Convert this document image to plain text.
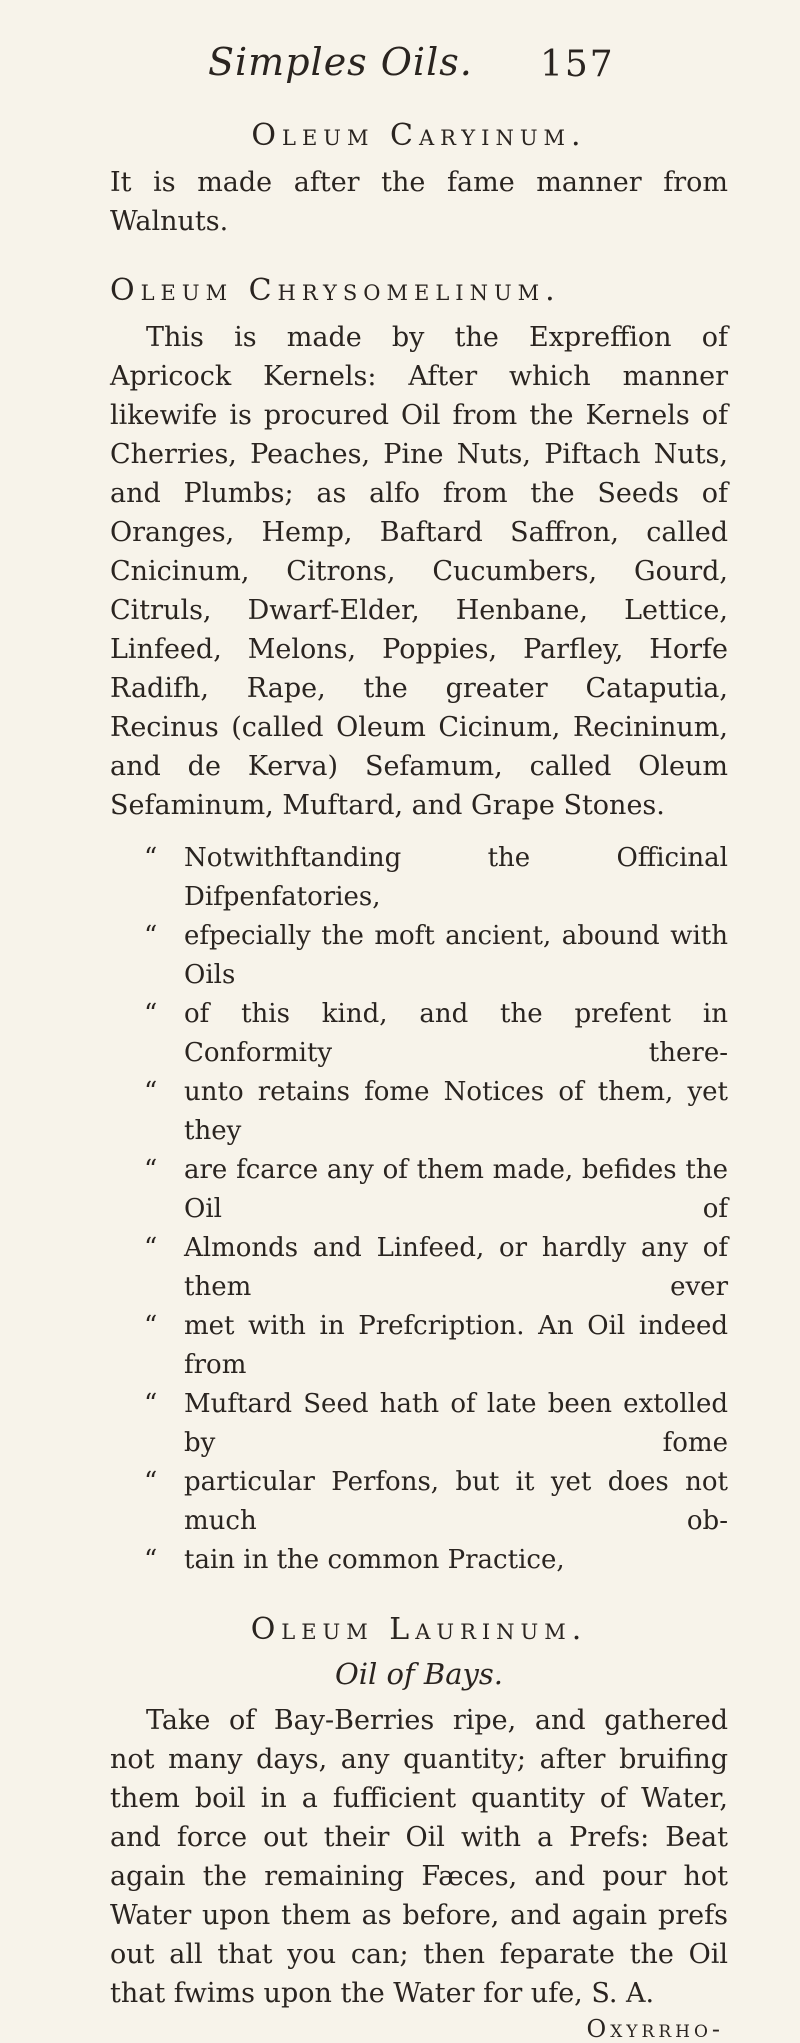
Simples Oils. 157
Oleum Caryinum.

It is made after the fame manner from Walnuts.

Oleum Chrysomelinum.

This is made by the Expreffion of Apricock Kernels: After which manner likewife is procured Oil from the Kernels of Cherries, Peaches, Pine Nuts, Piftach Nuts, and Plumbs; as alfo from the Seeds of Oranges, Hemp, Baftard Saffron, called Cnicinum, Citrons, Cucumbers, Gourd, Citruls, Dwarf-Elder, Henbane, Lettice, Linfeed, Melons, Poppies, Parfley, Horfe Radifh, Rape, the greater Cataputia, Recinus (called Oleum Cicinum, Recininum, and de Kerva) Sefamum, called Oleum Sefaminum, Muftard, and Grape Stones.

“	Notwithftanding the Officinal Difpenfatories,
“	efpecially the moft ancient, abound with Oils
“	of this kind, and the prefent in Conformity there-
“	unto retains fome Notices of them, yet they
“	are fcarce any of them made, befides the Oil of
“	Almonds and Linfeed, or hardly any of them ever
“	met with in Prefcription. An Oil indeed from
“	Muftard Seed hath of late been extolled by fome
“	particular Perfons, but it yet does not much ob-
“	tain in the common Practice,
Oleum Laurinum.
Oil of Bays.

Take of Bay-Berries ripe, and gathered not many days, any quantity; after bruifing them boil in a fufficient quantity of Water, and force out their Oil with a Prefs: Beat again the remaining Fæces, and pour hot Water upon them as before, and again prefs out all that you can; then feparate the Oil that fwims upon the Water for ufe, S. A.

Oxyrrho-
